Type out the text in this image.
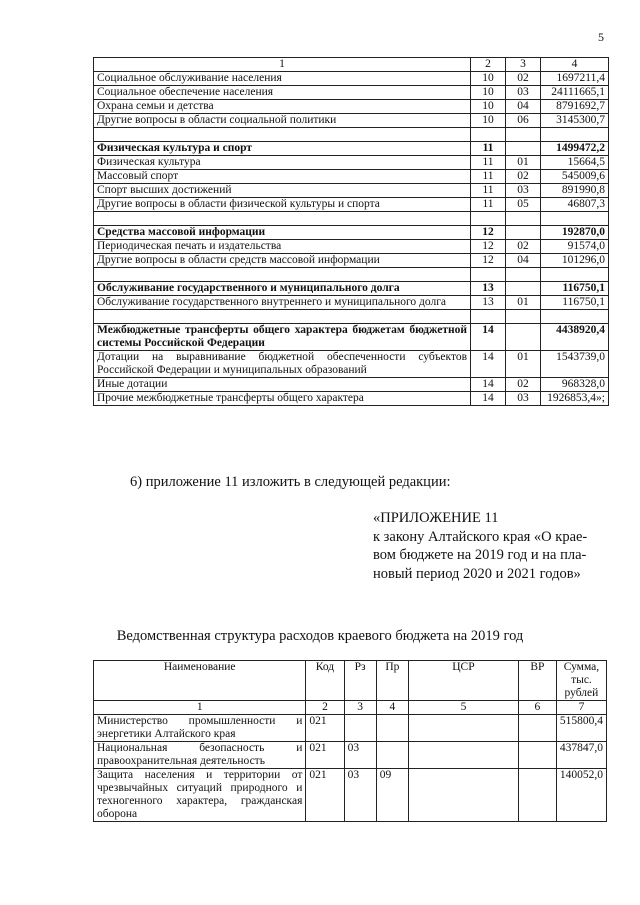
5
1	2	3	4
Социальное обслуживание населения	10	02	1697211,4
Социальное обеспечение населения	10	03	24111665,1
Охрана семьи и детства	10	04	8791692,7
Другие вопросы в области социальной политики	10	06	3145300,7

Физическая культура и спорт	11		1499472,2
Физическая культура	11	01	15664,5
Массовый спорт	11	02	545009,6
Спорт высших достижений	11	03	891990,8
Другие вопросы в области физической культуры и спорта	11	05	46807,3

Средства массовой информации	12		192870,0
Периодическая печать и издательства	12	02	91574,0
Другие вопросы в области средств массовой информации	12	04	101296,0

Обслуживание государственного и муниципального долга	13		116750,1
Обслуживание государственного внутреннего и муниципального долга	13	01	116750,1

Межбюджетные трансферты общего характера бюджетам бюджетной системы Российской Федерации	14		4438920,4
Дотации на выравнивание бюджетной обеспеченности субъектов Российской Федерации и муниципальных образований	14	01	1543739,0
Иные дотации	14	02	968328,0
Прочие межбюджетные трансферты общего характера	14	03	1926853,4»;
6) приложение 11 изложить в следующей редакции:
«ПРИЛОЖЕНИЕ 11
к закону Алтайского края «О крае-
вом бюджете на 2019 год и на пла-
новый период 2020 и 2021 годов»
Ведомственная структура расходов краевого бюджета на 2019 год
Наименование	Код	Рз	Пр	ЦСР	ВР	Сумма, тыс. рублей
1	2	3	4	5	6	7
Министерство промышленности и энергетики Алтайского края	021					515800,4
Национальная безопасность и правоохранительная деятельность	021	03				437847,0
Защита населения и территории от чрезвычайных ситуаций природного и техногенного характера, гражданская оборона	021	03	09			140052,0
